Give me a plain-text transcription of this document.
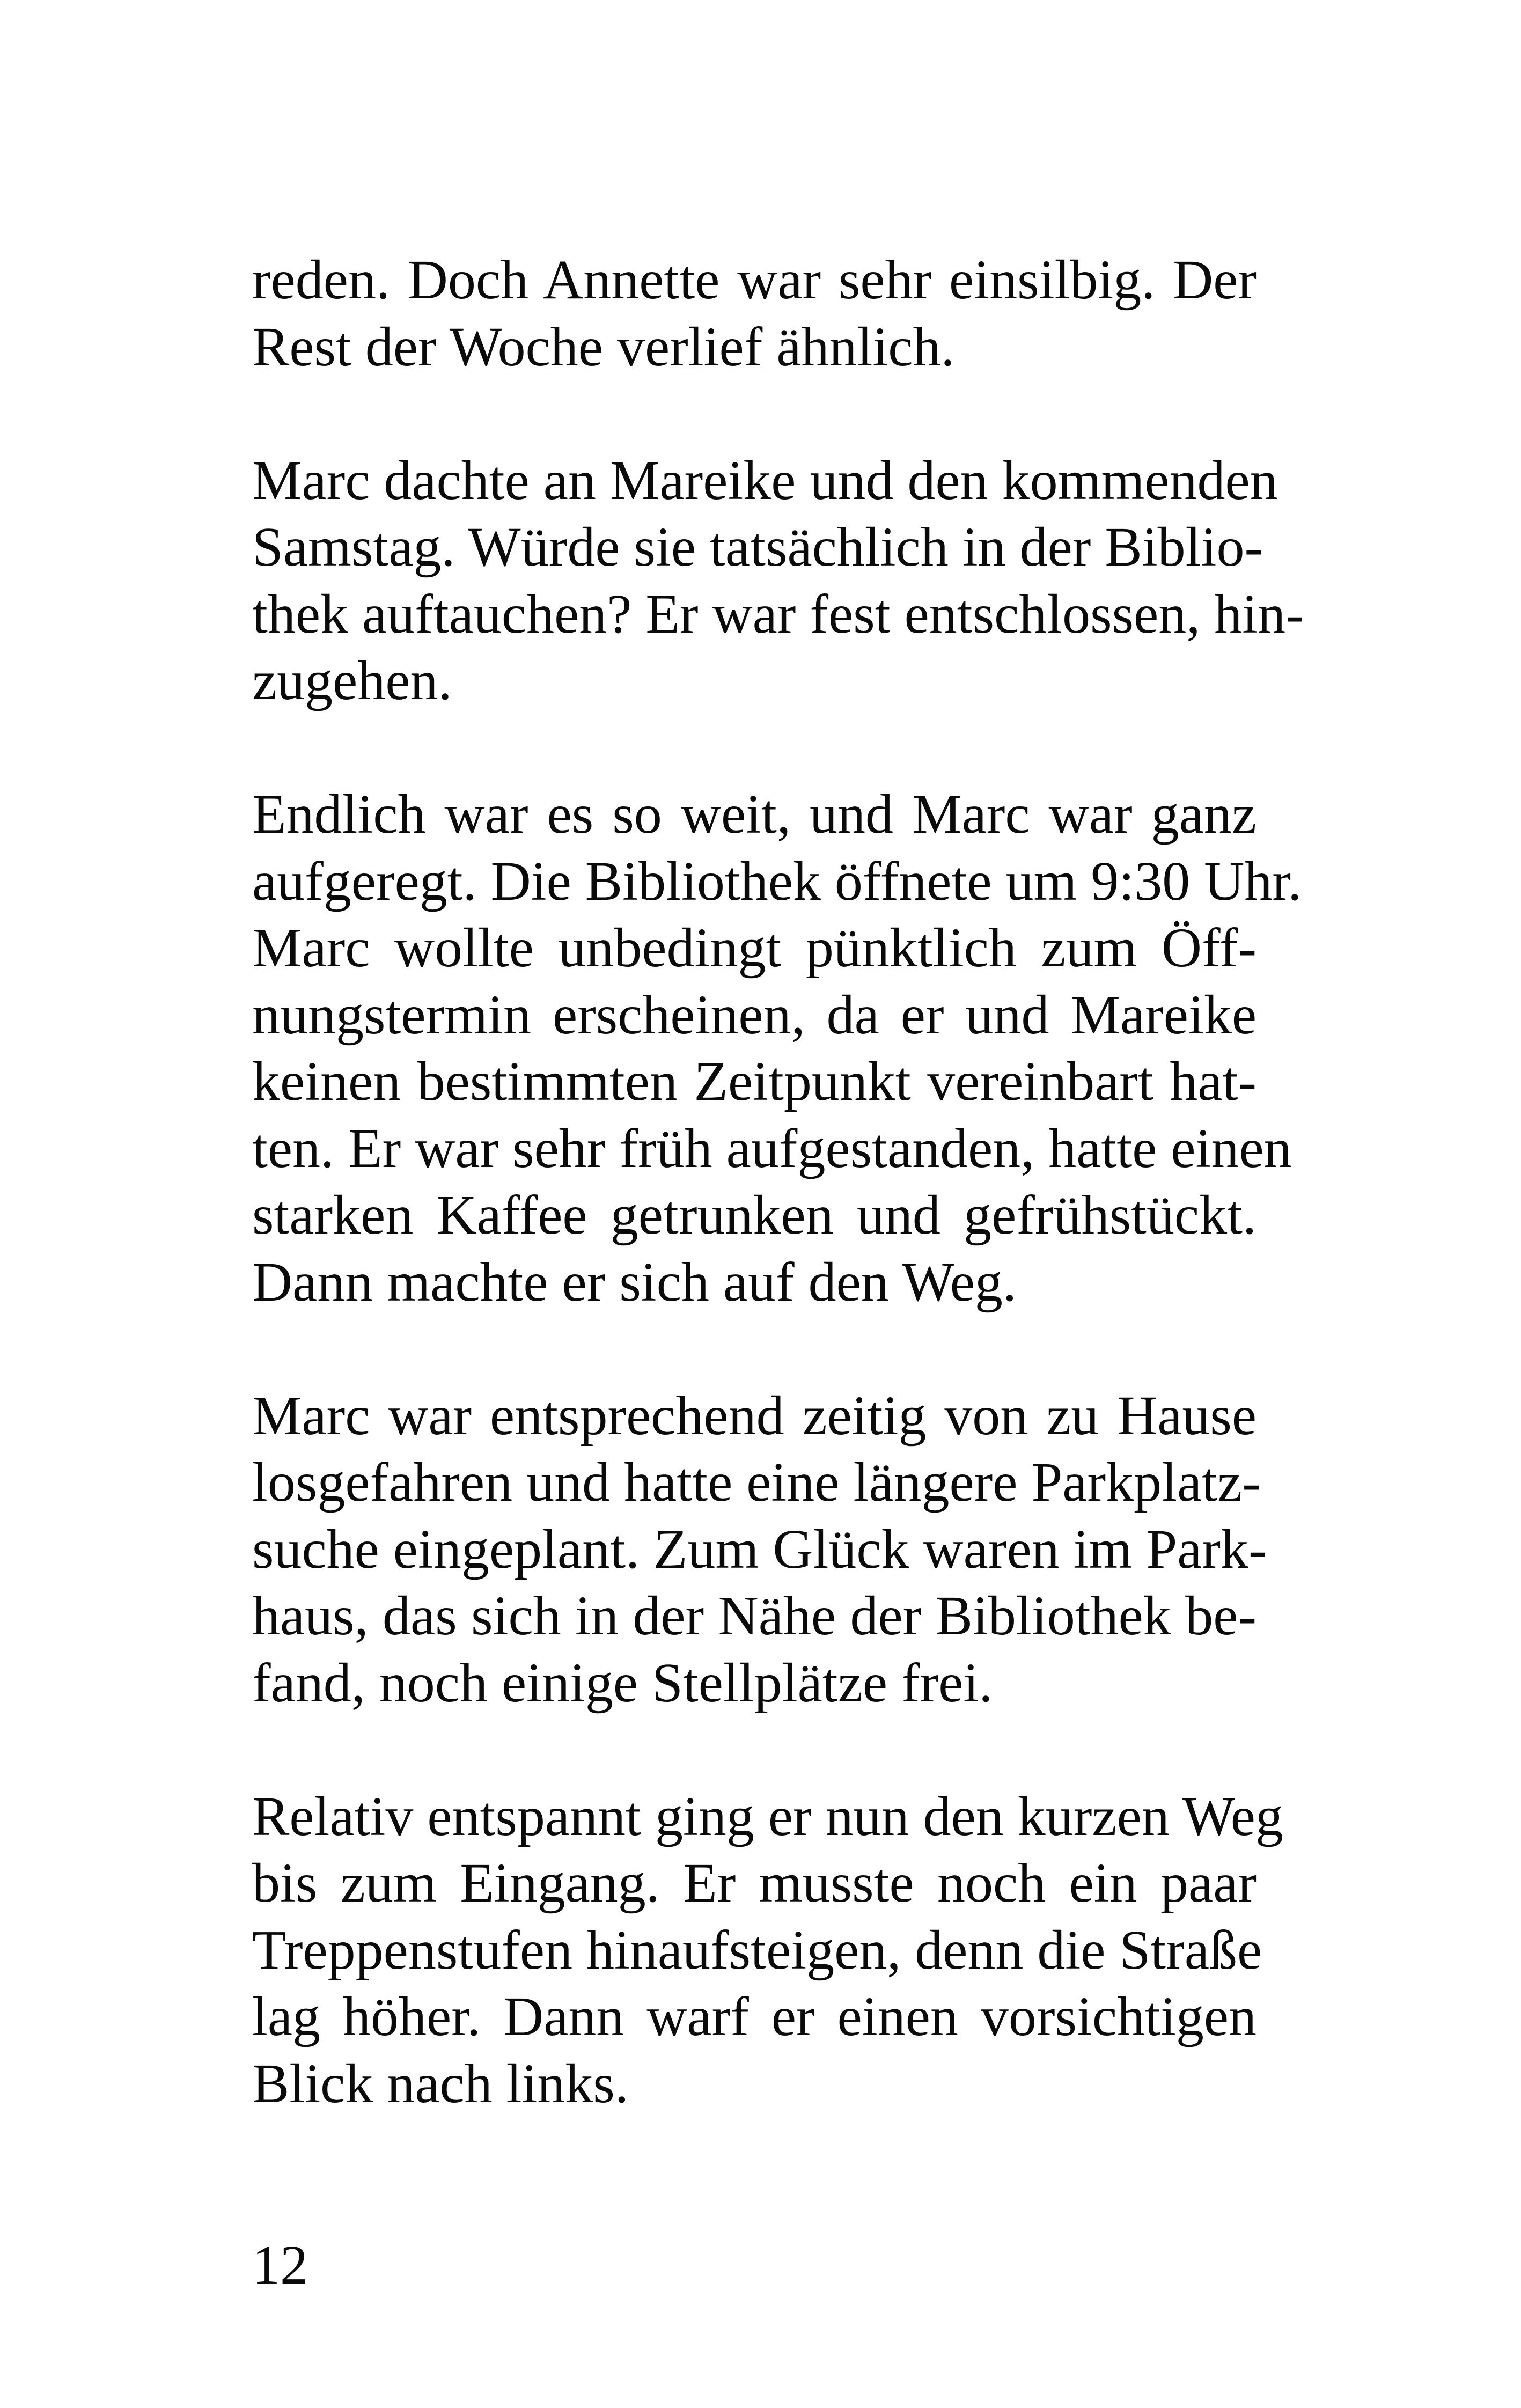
reden. Doch Annette war sehr einsilbig. Der
Rest der Woche verlief ähnlich.
Marc dachte an Mareike und den kommenden
Samstag. Würde sie tatsächlich in der Biblio-
thek auftauchen? Er war fest entschlossen, hin-
zugehen.
Endlich war es so weit, und Marc war ganz
aufgeregt. Die Bibliothek öffnete um 9:30 Uhr.
Marc wollte unbedingt pünktlich zum Öff-
nungstermin erscheinen, da er und Mareike
keinen bestimmten Zeitpunkt vereinbart hat-
ten. Er war sehr früh aufgestanden, hatte einen
starken Kaffee getrunken und gefrühstückt.
Dann machte er sich auf den Weg.
Marc war entsprechend zeitig von zu Hause
losgefahren und hatte eine längere Parkplatz-
suche eingeplant. Zum Glück waren im Park-
haus, das sich in der Nähe der Bibliothek be-
fand, noch einige Stellplätze frei.
Relativ entspannt ging er nun den kurzen Weg
bis zum Eingang. Er musste noch ein paar
Treppenstufen hinaufsteigen, denn die Straße
lag höher. Dann warf er einen vorsichtigen
Blick nach links.
12
